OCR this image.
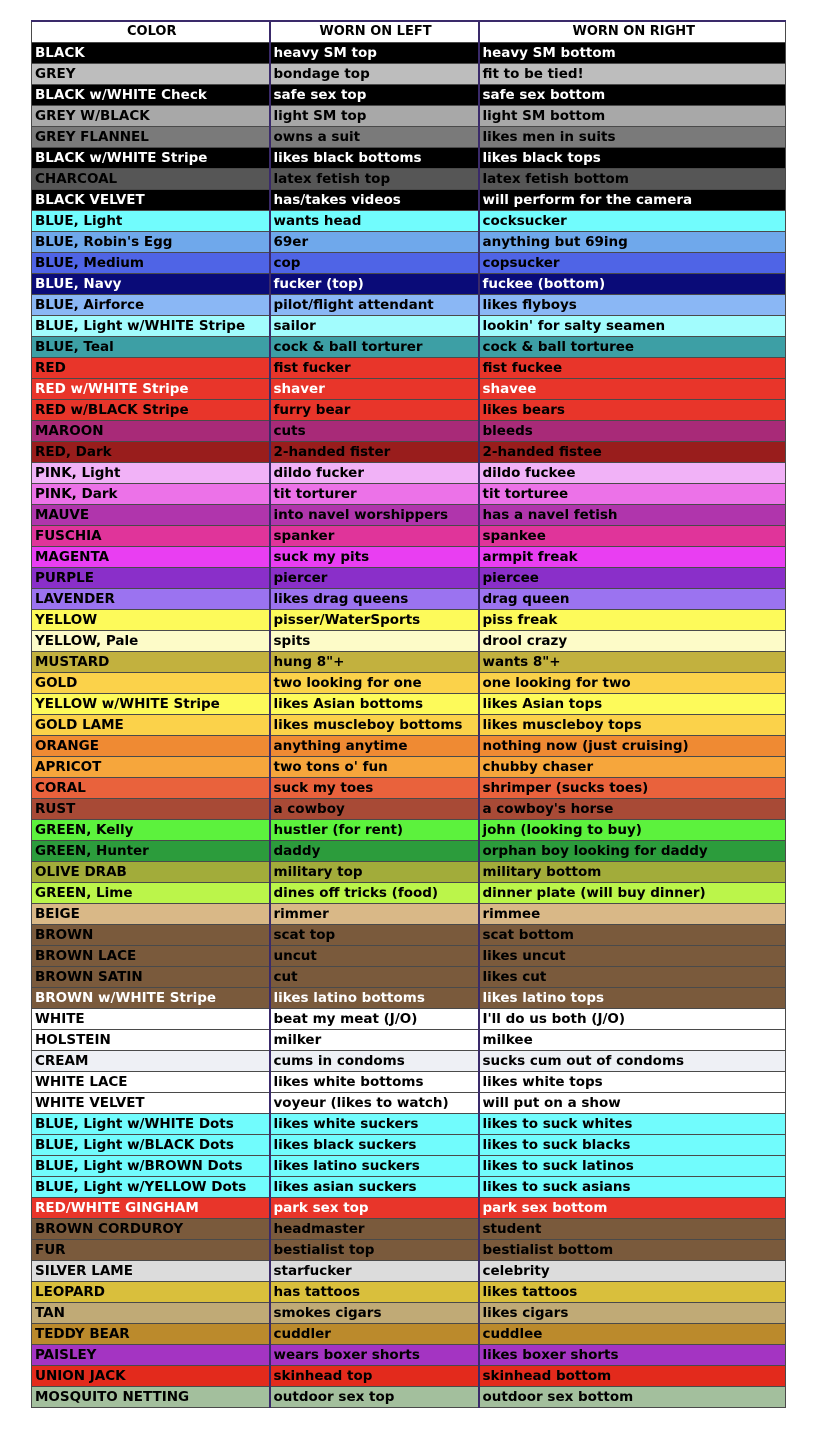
COLOR	WORN ON LEFT	WORN ON RIGHT
BLACK	heavy SM top	heavy SM bottom
GREY	bondage top	fit to be tied!
BLACK w/WHITE Check	safe sex top	safe sex bottom
GREY W/BLACK	light SM top	light SM bottom
GREY FLANNEL	owns a suit	likes men in suits
BLACK w/WHITE Stripe	likes black bottoms	likes black tops
CHARCOAL	latex fetish top	latex fetish bottom
BLACK VELVET	has/takes videos	will perform for the camera
BLUE, Light	wants head	cocksucker
BLUE, Robin's Egg	69er	anything but 69ing
BLUE, Medium	cop	copsucker
BLUE, Navy	fucker (top)	fuckee (bottom)
BLUE, Airforce	pilot/flight attendant	likes flyboys
BLUE, Light w/WHITE Stripe	sailor	lookin' for salty seamen
BLUE, Teal	cock & ball torturer	cock & ball torturee
RED	fist fucker	fist fuckee
RED w/WHITE Stripe	shaver	shavee
RED w/BLACK Stripe	furry bear	likes bears
MAROON	cuts	bleeds
RED, Dark	2-handed fister	2-handed fistee
PINK, Light	dildo fucker	dildo fuckee
PINK, Dark	tit torturer	tit torturee
MAUVE	into navel worshippers	has a navel fetish
FUSCHIA	spanker	spankee
MAGENTA	suck my pits	armpit freak
PURPLE	piercer	piercee
LAVENDER	likes drag queens	drag queen
YELLOW	pisser/WaterSports	piss freak
YELLOW, Pale	spits	drool crazy
MUSTARD	hung 8"+	wants 8"+
GOLD	two looking for one	one looking for two
YELLOW w/WHITE Stripe	likes Asian bottoms	likes Asian tops
GOLD LAME	likes muscleboy bottoms	likes muscleboy tops
ORANGE	anything anytime	nothing now (just cruising)
APRICOT	two tons o' fun	chubby chaser
CORAL	suck my toes	shrimper (sucks toes)
RUST	a cowboy	a cowboy's horse
GREEN, Kelly	hustler (for rent)	john (looking to buy)
GREEN, Hunter	daddy	orphan boy looking for daddy
OLIVE DRAB	military top	military bottom
GREEN, Lime	dines off tricks (food)	dinner plate (will buy dinner)
BEIGE	rimmer	rimmee
BROWN	scat top	scat bottom
BROWN LACE	uncut	likes uncut
BROWN SATIN	cut	likes cut
BROWN w/WHITE Stripe	likes latino bottoms	likes latino tops
WHITE	beat my meat (J/O)	I'll do us both (J/O)
HOLSTEIN	milker	milkee
CREAM	cums in condoms	sucks cum out of condoms
WHITE LACE	likes white bottoms	likes white tops
WHITE VELVET	voyeur (likes to watch)	will put on a show
BLUE, Light w/WHITE Dots	likes white suckers	likes to suck whites
BLUE, Light w/BLACK Dots	likes black suckers	likes to suck blacks
BLUE, Light w/BROWN Dots	likes latino suckers	likes to suck latinos
BLUE, Light w/YELLOW Dots	likes asian suckers	likes to suck asians
RED/WHITE GINGHAM	park sex top	park sex bottom
BROWN CORDUROY	headmaster	student
FUR	bestialist top	bestialist bottom
SILVER LAME	starfucker	celebrity
LEOPARD	has tattoos	likes tattoos
TAN	smokes cigars	likes cigars
TEDDY BEAR	cuddler	cuddlee
PAISLEY	wears boxer shorts	likes boxer shorts
UNION JACK	skinhead top	skinhead bottom
MOSQUITO NETTING	outdoor sex top	outdoor sex bottom
